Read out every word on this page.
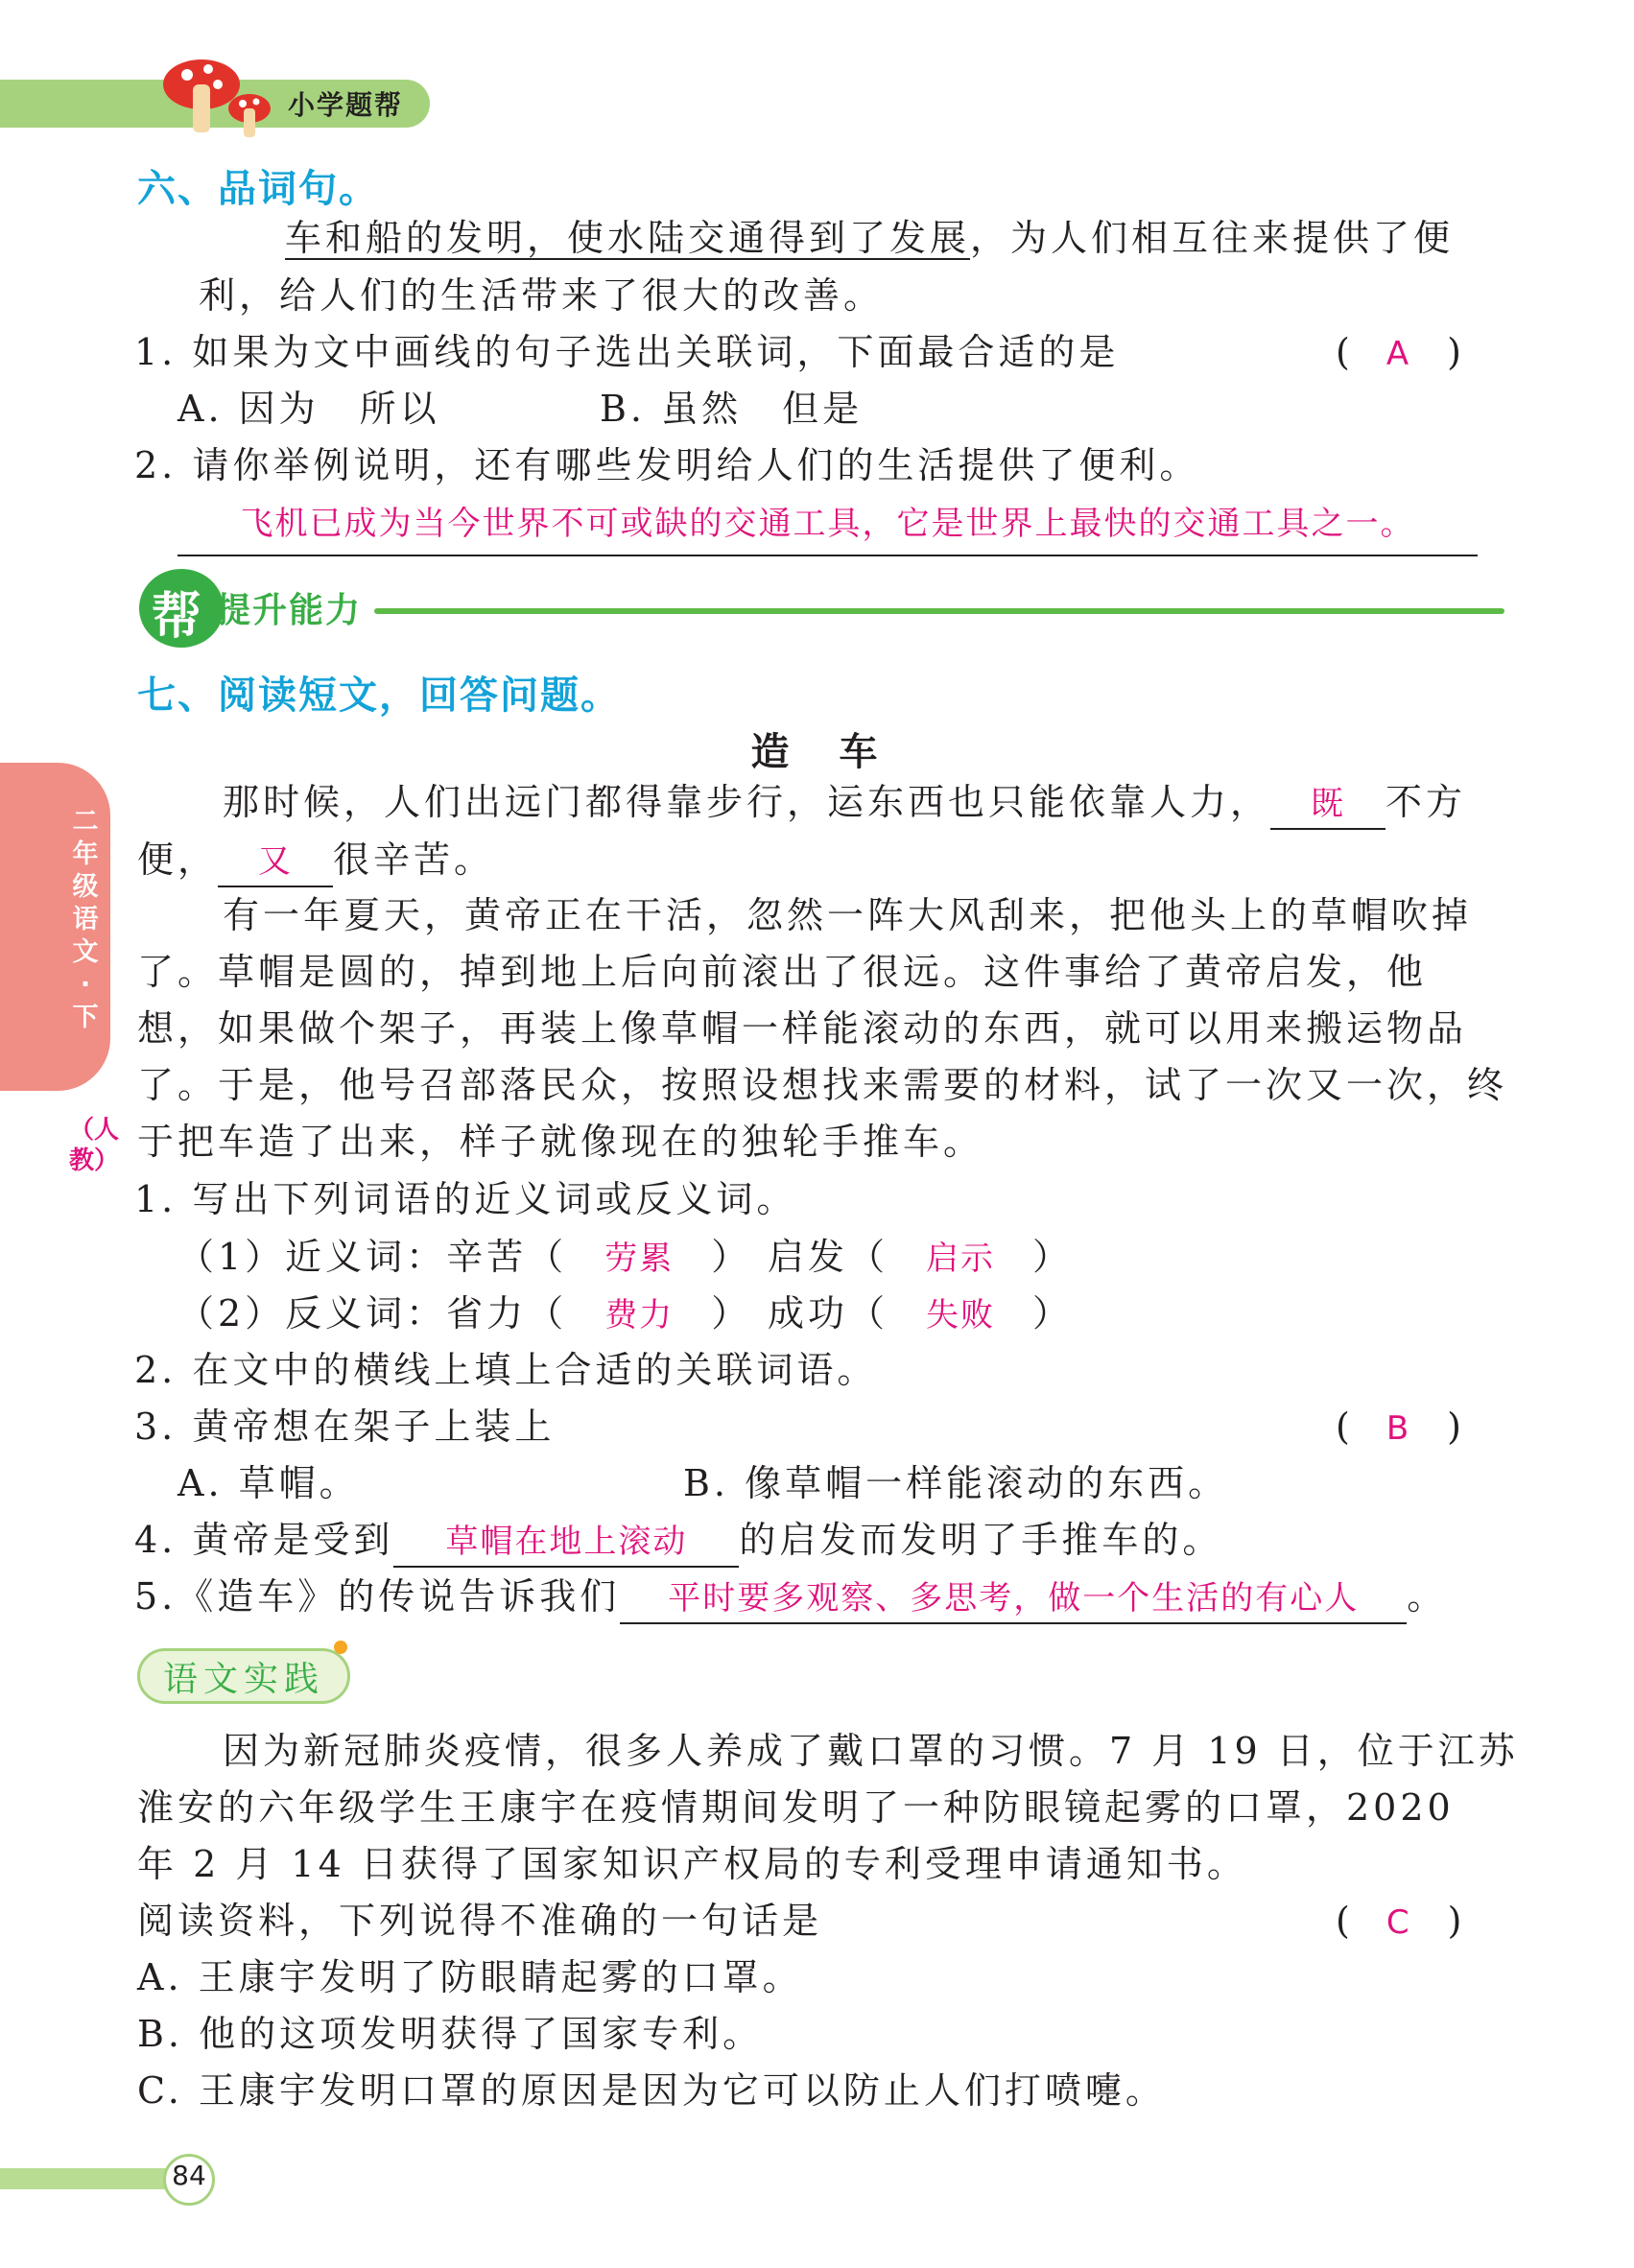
小学题帮
二年级语文·下
（人教）
六、品词句。
车和船的发明，使水陆交通得到了发展，为人们相互往来提供了便
利，给人们的生活带来了很大的改善。
1. 如果为文中画线的句子选出关联词，下面最合适的是	(　A　)
A. 因为　所以	B. 虽然　但是
2. 请你举例说明，还有哪些发明给人们的生活提供了便利。
飞机已成为当今世界不可或缺的交通工具，它是世界上最快的交通工具之一。
帮 提升能力
七、阅读短文，回答问题。
造　车
那时候，人们出远门都得靠步行，运东西也只能依靠人力， 既 不方
便， 又 很辛苦。
有一年夏天，黄帝正在干活，忽然一阵大风刮来，把他头上的草帽吹掉
了。草帽是圆的，掉到地上后向前滚出了很远。这件事给了黄帝启发，他
想，如果做个架子，再装上像草帽一样能滚动的东西，就可以用来搬运物品
了。于是，他号召部落民众，按照设想找来需要的材料，试了一次又一次，终
于把车造了出来，样子就像现在的独轮手推车。
1. 写出下列词语的近义词或反义词。
（1）近义词：辛苦（ 劳累 ） 启发（ 启示 ）
（2）反义词：省力（ 费力 ） 成功（ 失败 ）
2. 在文中的横线上填上合适的关联词语。
3. 黄帝想在架子上装上	(　B　)
A. 草帽。	B. 像草帽一样能滚动的东西。
4. 黄帝是受到 草帽在地上滚动 的启发而发明了手推车的。
5.《造车》的传说告诉我们 平时要多观察、多思考，做一个生活的有心人 。
语文实践
因为新冠肺炎疫情，很多人养成了戴口罩的习惯。7 月 19 日，位于江苏
淮安的六年级学生王康宇在疫情期间发明了一种防眼镜起雾的口罩，2020
年 2 月 14 日获得了国家知识产权局的专利受理申请通知书。
阅读资料，下列说得不准确的一句话是	(　C　)
A. 王康宇发明了防眼睛起雾的口罩。
B. 他的这项发明获得了国家专利。
C. 王康宇发明口罩的原因是因为它可以防止人们打喷嚏。
84
